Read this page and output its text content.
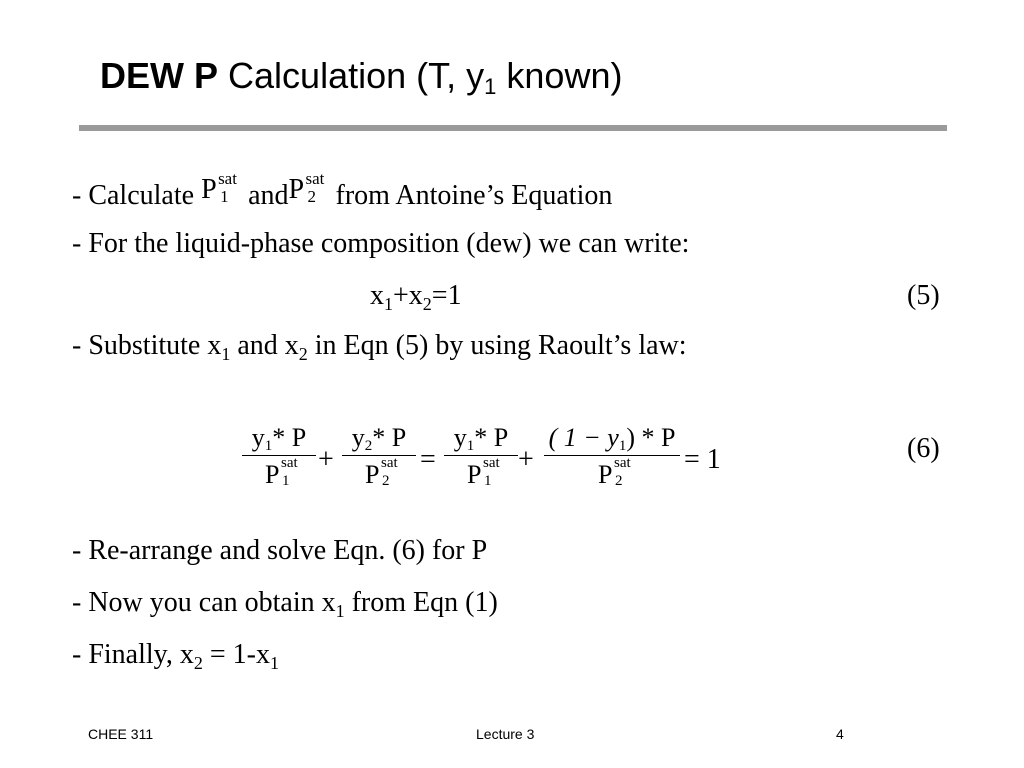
DEW P Calculation (T, $y_1$ known)
- Calculate P sat
1 and P sat
2 from Antoine’s Equation
- For the liquid-phase composition (dew) we can write:
$x_1+x_2=1$	(5)
- Substitute $x_1$ and $x_2$ in Eqn (5) by using Raoult’s law:
$y_1*$ P
P sat
1
+
$y_2*$ P
P sat
2
=
$y_1*$ P
P sat
1
+
( $1 - y_1) * P$
P sat
2
= 1	(6)
- Re-arrange and solve Eqn. (6) for P
- Now you can obtain $x_1$ from Eqn (1)
- Finally, $x_2 = 1-x_1$
CHEE 311	Lecture 3	4
